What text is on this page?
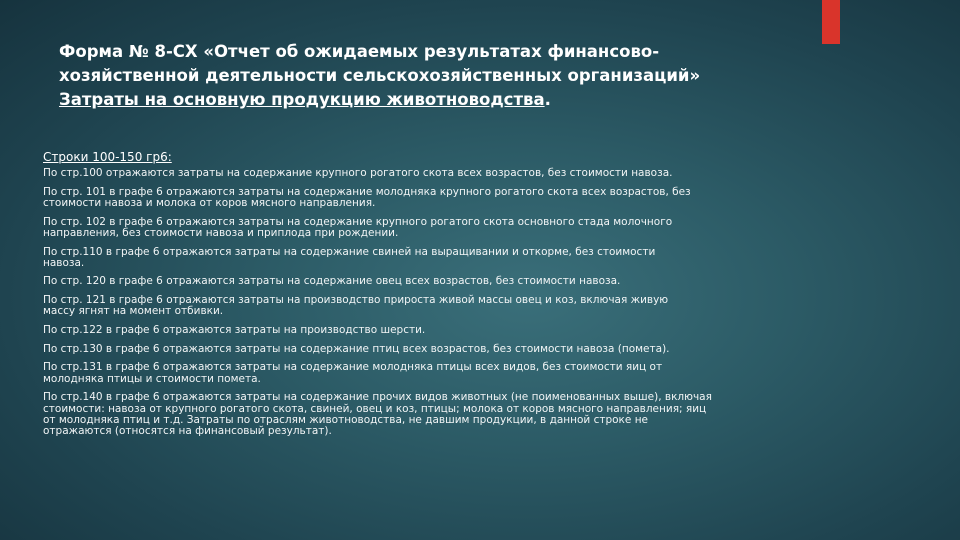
Форма № 8-СХ «Отчет об ожидаемых результатах финансово-
хозяйственной деятельности сельскохозяйственных организаций»
Затраты на основную продукцию животноводства.
Строки 100-150 гр6:
По стр.100 отражаются затраты на содержание крупного рогатого скота всех возрастов, без стоимости навоза.
По стр. 101 в графе 6 отражаются затраты на содержание молодняка крупного рогатого скота всех возрастов, без
стоимости навоза и молока от коров мясного направления.
По стр. 102 в графе 6 отражаются затраты на содержание крупного рогатого скота основного стада молочного
направления, без стоимости навоза и приплода при рождении.
По стр.110 в графе 6 отражаются затраты на содержание свиней на выращивании и откорме, без стоимости
навоза.
По стр. 120 в графе 6 отражаются затраты на содержание овец всех возрастов, без стоимости навоза.
По стр. 121 в графе 6 отражаются затраты на производство прироста живой массы овец и коз, включая живую
массу ягнят на момент отбивки.
По стр.122 в графе 6 отражаются затраты на производство шерсти.
По стр.130 в графе 6 отражаются затраты на содержание птиц всех возрастов, без стоимости навоза (помета).
По стр.131 в графе 6 отражаются затраты на содержание молодняка птицы всех видов, без стоимости яиц от
молодняка птицы и стоимости помета.
По стр.140 в графе 6 отражаются затраты на содержание прочих видов животных (не поименованных выше), включая
стоимости: навоза от крупного рогатого скота, свиней, овец и коз, птицы; молока от коров мясного направления; яиц
от молодняка птиц и т.д. Затраты по отраслям животноводства, не давшим продукции, в данной строке не
отражаются (относятся на финансовый результат).
